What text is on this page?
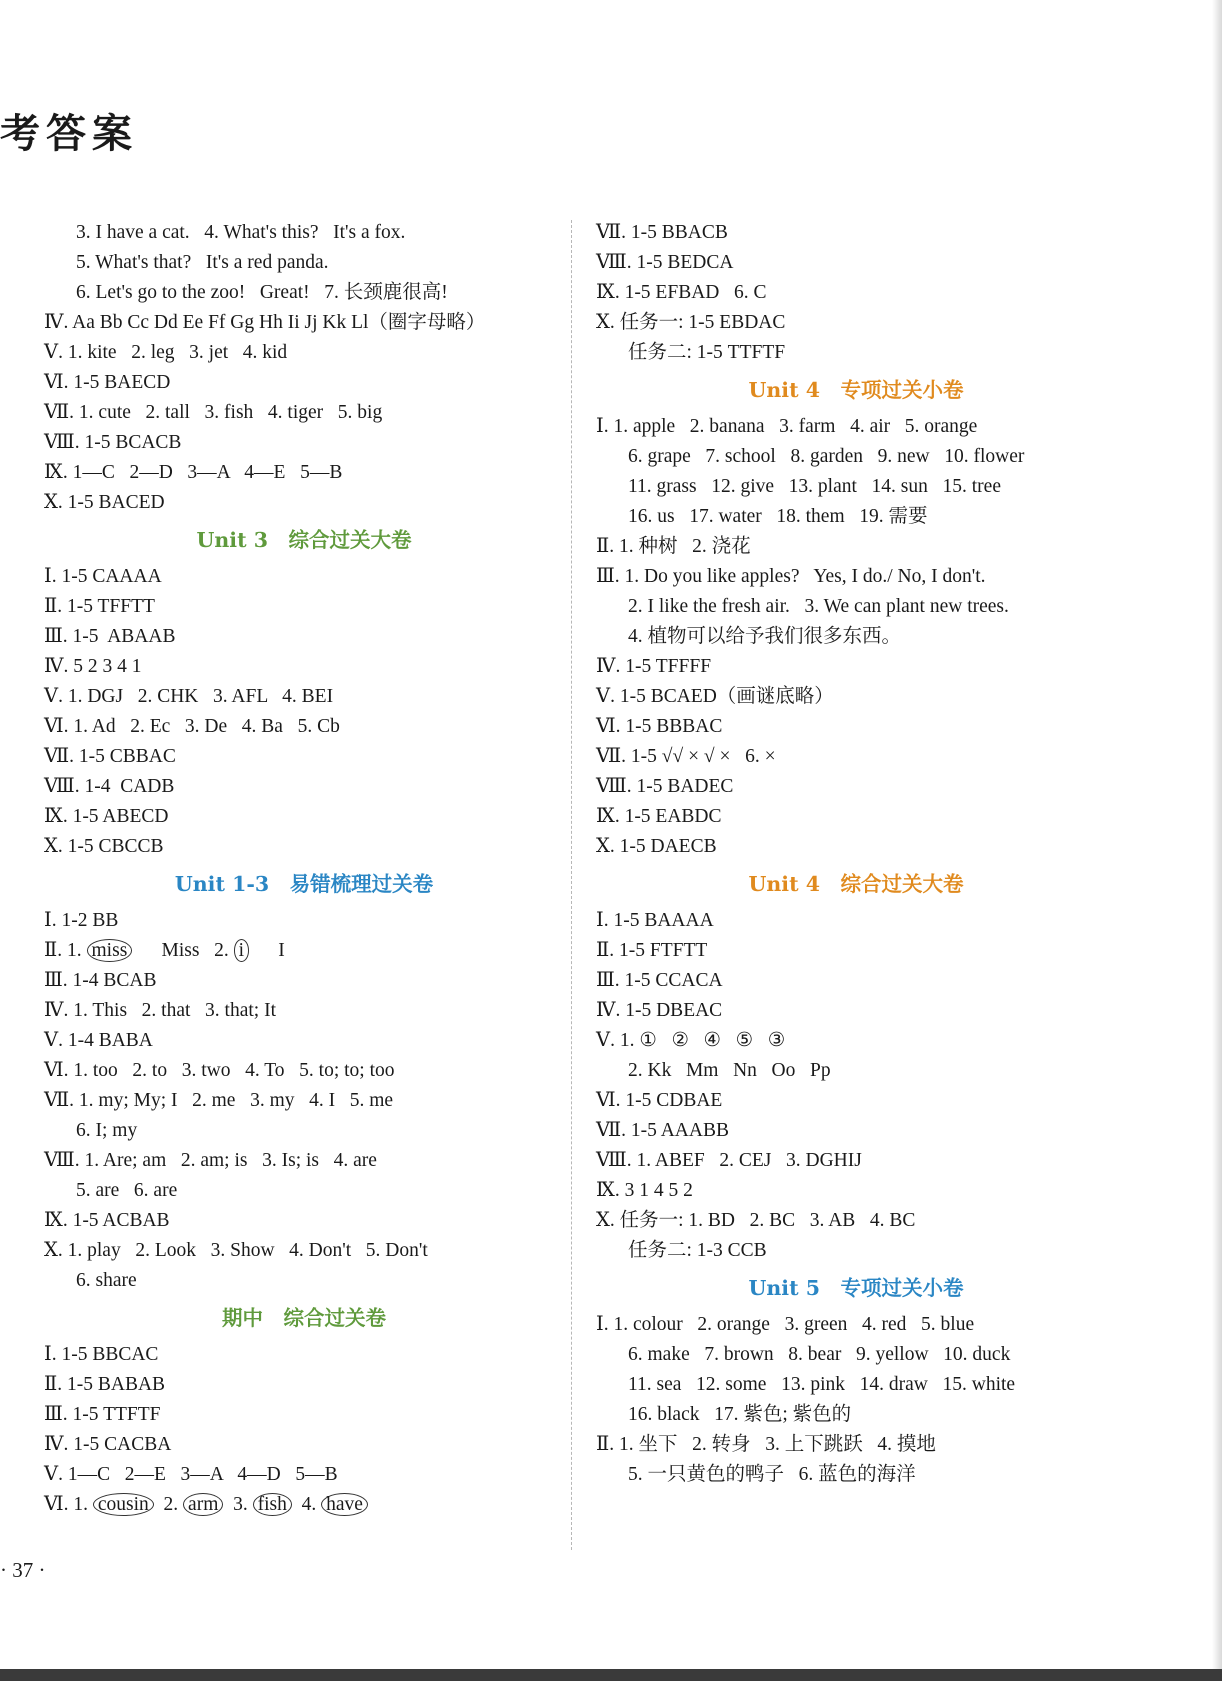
考答案
3. I have a cat.   4. What's this?   It's a fox.
5. What's that?   It's a red panda.
6. Let's go to the zoo!   Great!   7. 长颈鹿很高!
Ⅳ. Aa Bb Cc Dd Ee Ff Gg Hh Ii Jj Kk Ll（圈字母略）
Ⅴ. 1. kite   2. leg   3. jet   4. kid
Ⅵ. 1-5 BAECD
Ⅶ. 1. cute   2. tall   3. fish   4. tiger   5. big
Ⅷ. 1-5 BCACB
Ⅸ. 1—C   2—D   3—A   4—E   5—B
Ⅹ. 1-5 BACED
Unit 3　综合过关大卷
Ⅰ. 1-5 CAAAA
Ⅱ. 1-5 TFFTT
Ⅲ. 1-5  ABAAB
Ⅳ. 5 2 3 4 1
Ⅴ. 1. DGJ   2. CHK   3. AFL   4. BEI
Ⅵ. 1. Ad   2. Ec   3. De   4. Ba   5. Cb
Ⅶ. 1-5 CBBAC
Ⅷ. 1-4  CADB
Ⅸ. 1-5 ABECD
Ⅹ. 1-5 CBCCB
Unit 1-3　易错梳理过关卷
Ⅰ. 1-2 BB
Ⅱ. 1. miss      Miss   2. i      I
Ⅲ. 1-4 BCAB
Ⅳ. 1. This   2. that   3. that; It
Ⅴ. 1-4 BABA
Ⅵ. 1. too   2. to   3. two   4. To   5. to; to; too
Ⅶ. 1. my; My; I   2. me   3. my   4. I   5. me
6. I; my
Ⅷ. 1. Are; am   2. am; is   3. Is; is   4. are
5. are   6. are
Ⅸ. 1-5 ACBAB
Ⅹ. 1. play   2. Look   3. Show   4. Don't   5. Don't
6. share
期中　综合过关卷
Ⅰ. 1-5 BBCAC
Ⅱ. 1-5 BABAB
Ⅲ. 1-5 TTFTF
Ⅳ. 1-5 CACBA
Ⅴ. 1—C   2—E   3—A   4—D   5—B
Ⅵ. 1. cousin  2. arm  3. fish  4. have
Ⅶ. 1-5 BBACB
Ⅷ. 1-5 BEDCA
Ⅸ. 1-5 EFBAD   6. C
Ⅹ. 任务一: 1-5 EBDAC
任务二: 1-5 TTFTF
Unit 4　专项过关小卷
Ⅰ. 1. apple   2. banana   3. farm   4. air   5. orange
6. grape   7. school   8. garden   9. new   10. flower
11. grass   12. give   13. plant   14. sun   15. tree
16. us   17. water   18. them   19. 需要
Ⅱ. 1. 种树   2. 浇花
Ⅲ. 1. Do you like apples?   Yes, I do./ No, I don't.
2. I like the fresh air.   3. We can plant new trees.
4. 植物可以给予我们很多东西。
Ⅳ. 1-5 TFFFF
Ⅴ. 1-5 BCAED（画谜底略）
Ⅵ. 1-5 BBBAC
Ⅶ. 1-5 √√ × √ ×   6. ×
Ⅷ. 1-5 BADEC
Ⅸ. 1-5 EABDC
Ⅹ. 1-5 DAECB
Unit 4　综合过关大卷
Ⅰ. 1-5 BAAAA
Ⅱ. 1-5 FTFTT
Ⅲ. 1-5 CCACA
Ⅳ. 1-5 DBEAC
Ⅴ. 1. ①   ②   ④   ⑤   ③
2. Kk   Mm   Nn   Oo   Pp
Ⅵ. 1-5 CDBAE
Ⅶ. 1-5 AAABB
Ⅷ. 1. ABEF   2. CEJ   3. DGHIJ
Ⅸ. 3 1 4 5 2
Ⅹ. 任务一: 1. BD   2. BC   3. AB   4. BC
任务二: 1-3 CCB
Unit 5　专项过关小卷
Ⅰ. 1. colour   2. orange   3. green   4. red   5. blue
6. make   7. brown   8. bear   9. yellow   10. duck
11. sea   12. some   13. pink   14. draw   15. white
16. black   17. 紫色; 紫色的
Ⅱ. 1. 坐下   2. 转身   3. 上下跳跃   4. 摸地
5. 一只黄色的鸭子   6. 蓝色的海洋
· 37 ·
